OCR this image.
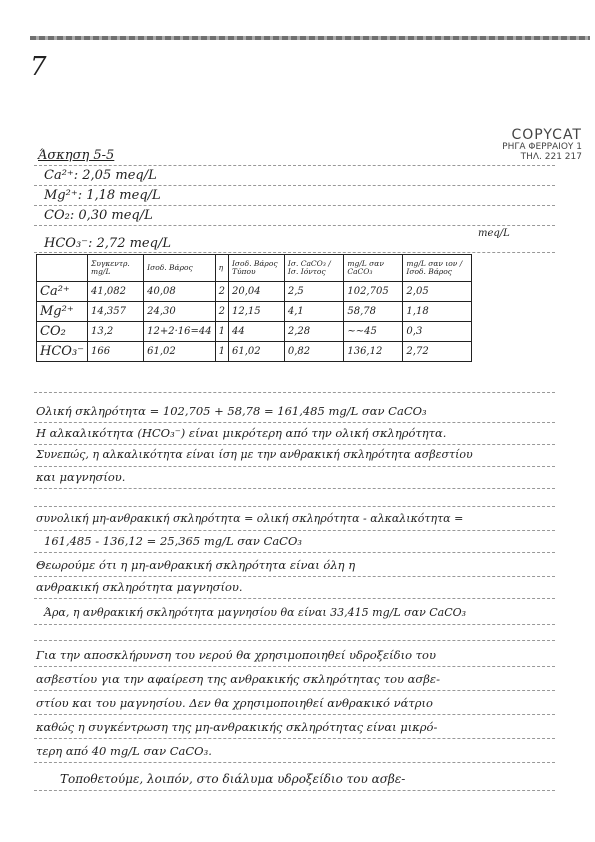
7
COPYCAT
ΡΗΓΑ ΦΕΡΡΑΙΟΥ 1
ΤΗΛ. 221 217
Άσκηση 5-5
Ca²⁺: 2,05 meq/L
Mg²⁺: 1,18 meq/L
CO₂: 0,30 meq/L
meq/L
HCO₃⁻: 2,72 meq/L
	Συγκεντρ. mg/L	Ισοδ. Βάρος	η	Ισοδ. Βάρος Τύπου	Ισ. CaCO₃ / Ισ. Ιόντος	mg/L σαν CaCO₃	mg/L σαν ιον / Ισοδ. Βάρος
Ca²⁺	41,082	40,08	2	20,04	2,5	102,705	2,05
Mg²⁺	14,357	24,30	2	12,15	4,1	58,78	1,18
CO₂	13,2	12+2·16=44	1	44	2,28	~~45	0,3
HCO₃⁻	166	61,02	1	61,02	0,82	136,12	2,72
Ολική σκληρότητα = 102,705 + 58,78 = 161,485 mg/L σαν CaCO₃
Η αλκαλικότητα (HCO₃⁻) είναι μικρότερη από την ολική σκληρότητα.
Συνεπώς, η αλκαλικότητα είναι ίση με την ανθρακική σκληρότητα ασβεστίου
και μαγνησίου.
συνολική μη-ανθρακική σκληρότητα = ολική σκληρότητα - αλκαλικότητα =
161,485 - 136,12 = 25,365 mg/L σαν CaCO₃
Θεωρούμε ότι η μη-ανθρακική σκληρότητα είναι όλη η
ανθρακική σκληρότητα μαγνησίου.
Άρα, η ανθρακική σκληρότητα μαγνησίου θα είναι 33,415 mg/L σαν CaCO₃
Για την αποσκλήρυνση του νερού θα χρησιμοποιηθεί υδροξείδιο του
ασβεστίου για την αφαίρεση της ανθρακικής σκληρότητας του ασβε-
στίου και του μαγνησίου. Δεν θα χρησιμοποιηθεί ανθρακικό νάτριο
καθώς η συγκέντρωση της μη-ανθρακικής σκληρότητας είναι μικρό-
τερη από 40 mg/L σαν CaCO₃.
Τοποθετούμε, λοιπόν, στο διάλυμα υδροξείδιο του ασβε-
